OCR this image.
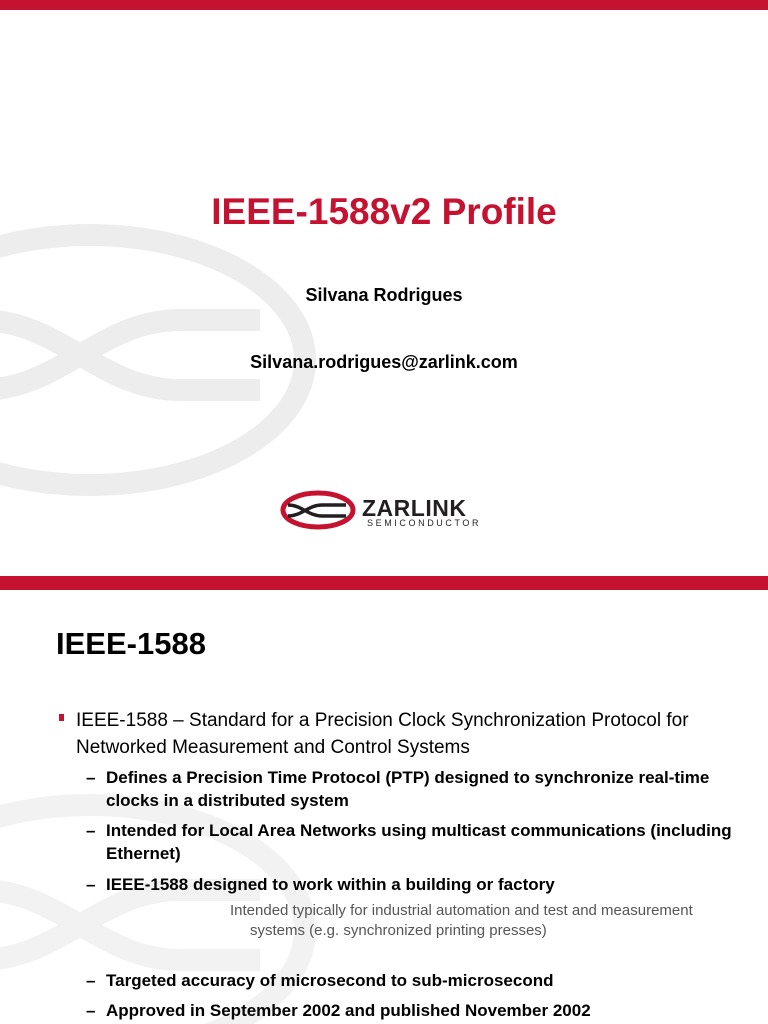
IEEE-1588v2 Profile
Silvana Rodrigues
Silvana.rodrigues@zarlink.com
ZARLINK
SEMICONDUCTOR
IEEE-1588
IEEE-1588 – Standard for a Precision Clock Synchronization Protocol for Networked Measurement and Control Systems
– Defines a Precision Time Protocol (PTP) designed to synchronize real-time clocks in a distributed system
– Intended for Local Area Networks using multicast communications (including Ethernet)
– IEEE-1588 designed to work within a building or factory
Intended typically for industrial automation and test and measurement systems (e.g. synchronized printing presses)
– Targeted accuracy of microsecond to sub-microsecond
– Approved in September 2002 and published November 2002
